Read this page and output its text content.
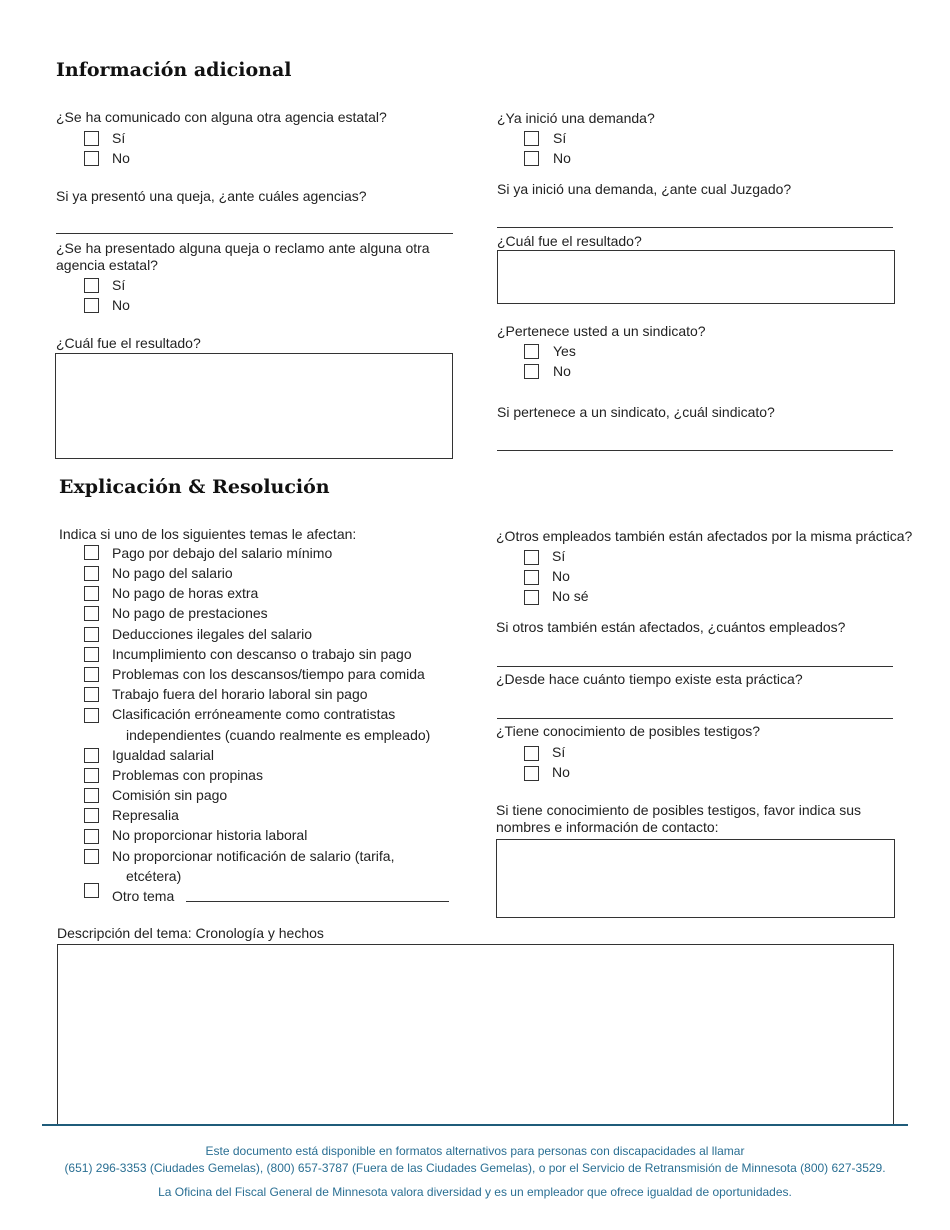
Información adicional
¿Se ha comunicado con alguna otra agencia estatal?
Sí
No
Si ya presentó una queja, ¿ante cuáles agencias?
¿Se ha presentado alguna queja o reclamo ante alguna otra agencia estatal?
Sí
No
¿Cuál fue el resultado?
¿Ya inició una demanda?
Sí
No
Si ya inició una demanda, ¿ante cual Juzgado?
¿Cuál fue el resultado?
¿Pertenece usted a un sindicato?
Yes
No
Si pertenece a un sindicato, ¿cuál sindicato?
Explicación & Resolución
Indica si uno de los siguientes temas le afectan:
Pago por debajo del salario mínimo
No pago del salario
No pago de horas extra
No pago de prestaciones
Deducciones ilegales del salario
Incumplimiento con descanso o trabajo sin pago
Problemas con los descansos/tiempo para comida
Trabajo fuera del horario laboral sin pago
Clasificación erróneamente como contratistas
independientes (cuando realmente es empleado)
Igualdad salarial
Problemas con propinas
Comisión sin pago
Represalia
No proporcionar historia laboral
No proporcionar notificación de salario (tarifa,
etcétera)
Otro tema
¿Otros empleados también están afectados por la misma práctica?
Sí
No
No sé
Si otros también están afectados, ¿cuántos empleados?
¿Desde hace cuánto tiempo existe esta práctica?
¿Tiene conocimiento de posibles testigos?
Sí
No
Si tiene conocimiento de posibles testigos, favor indica sus nombres e información de contacto:
Descripción del tema: Cronología y hechos
Este documento está disponible en formatos alternativos para personas con discapacidades al llamar
(651) 296-3353 (Ciudades Gemelas), (800) 657-3787 (Fuera de las Ciudades Gemelas), o por el Servicio de Retransmisión de Minnesota (800) 627-3529.
La Oficina del Fiscal General de Minnesota valora diversidad y es un empleador que ofrece igualdad de oportunidades.
